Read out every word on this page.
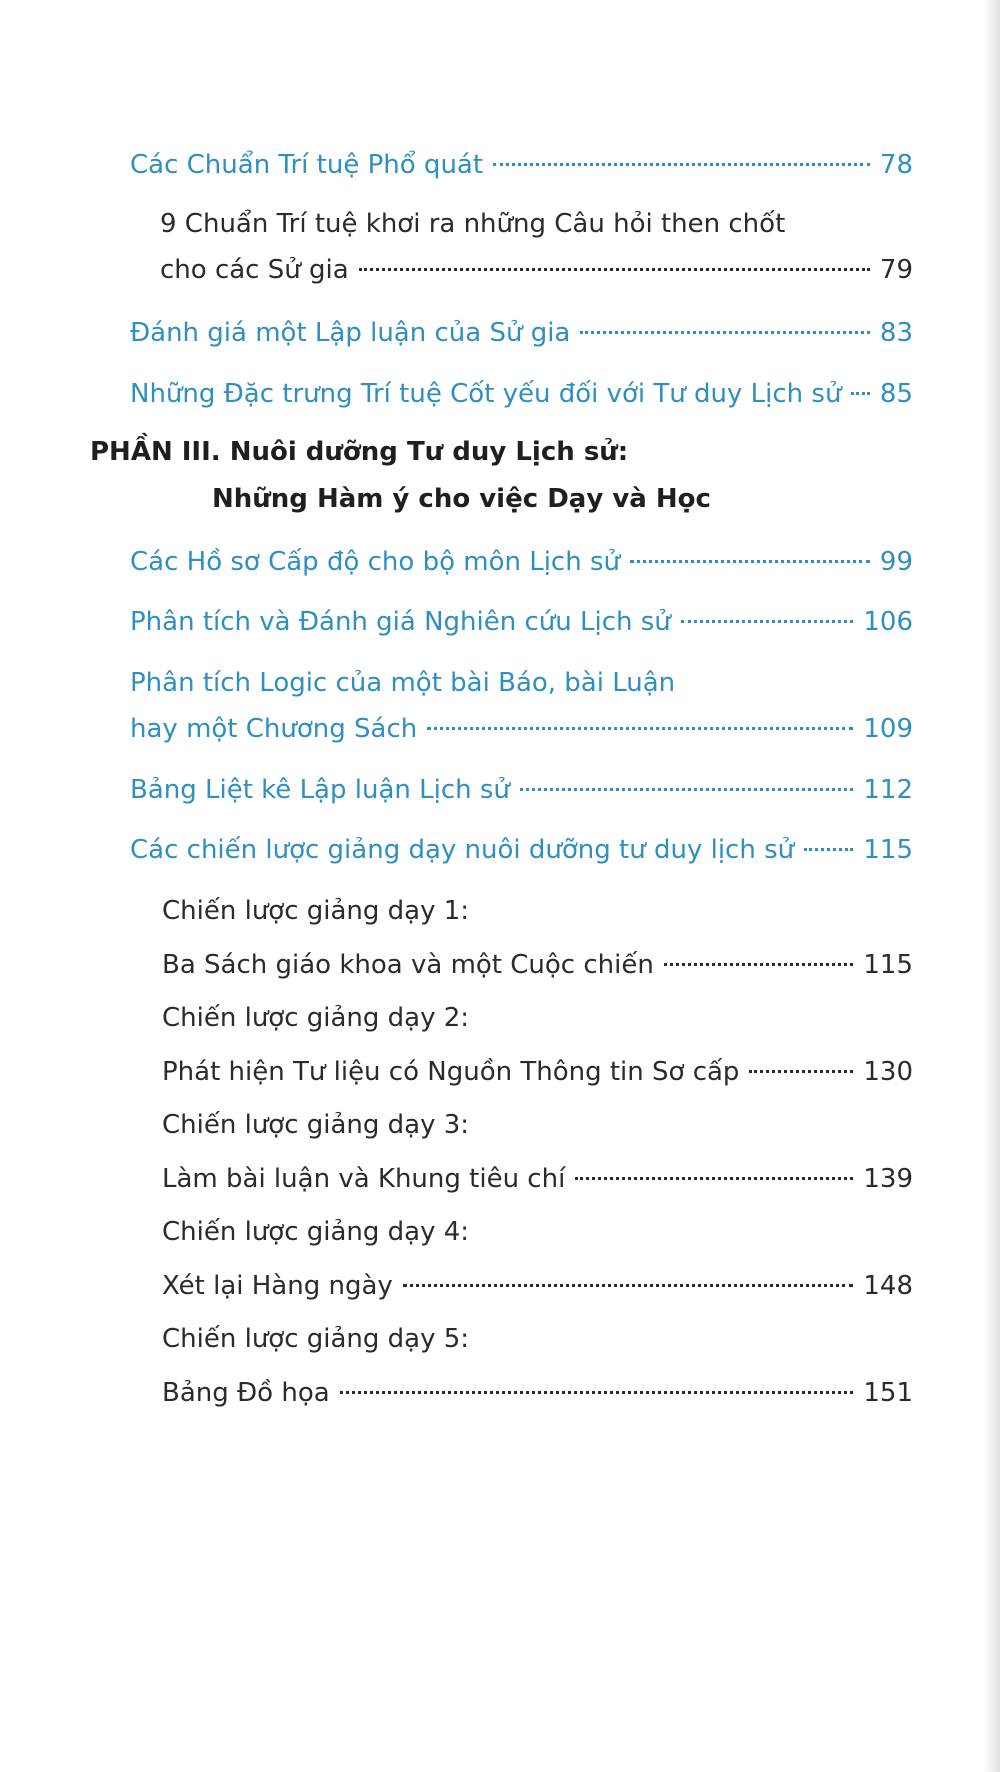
Các Chuẩn Trí tuệ Phổ quát	78
9 Chuẩn Trí tuệ khơi ra những Câu hỏi then chốt
cho các Sử gia	79
Đánh giá một Lập luận của Sử gia	83
Những Đặc trưng Trí tuệ Cốt yếu đối với Tư duy Lịch sử 85
PHẦN III. Nuôi dưỡng Tư duy Lịch sử:
Những Hàm ý cho việc Dạy và Học
Các Hồ sơ Cấp độ cho bộ môn Lịch sử	99
Phân tích và Đánh giá Nghiên cứu Lịch sử	106
Phân tích Logic của một bài Báo, bài Luận
hay một Chương Sách	109
Bảng Liệt kê Lập luận Lịch sử	112
Các chiến lược giảng dạy nuôi dưỡng tư duy lịch sử	115
Chiến lược giảng dạy 1:
Ba Sách giáo khoa và một Cuộc chiến	115
Chiến lược giảng dạy 2:
Phát hiện Tư liệu có Nguồn Thông tin Sơ cấp	130
Chiến lược giảng dạy 3:
Làm bài luận và Khung tiêu chí	139
Chiến lược giảng dạy 4:
Xét lại Hàng ngày	148
Chiến lược giảng dạy 5:
Bảng Đồ họa	151
